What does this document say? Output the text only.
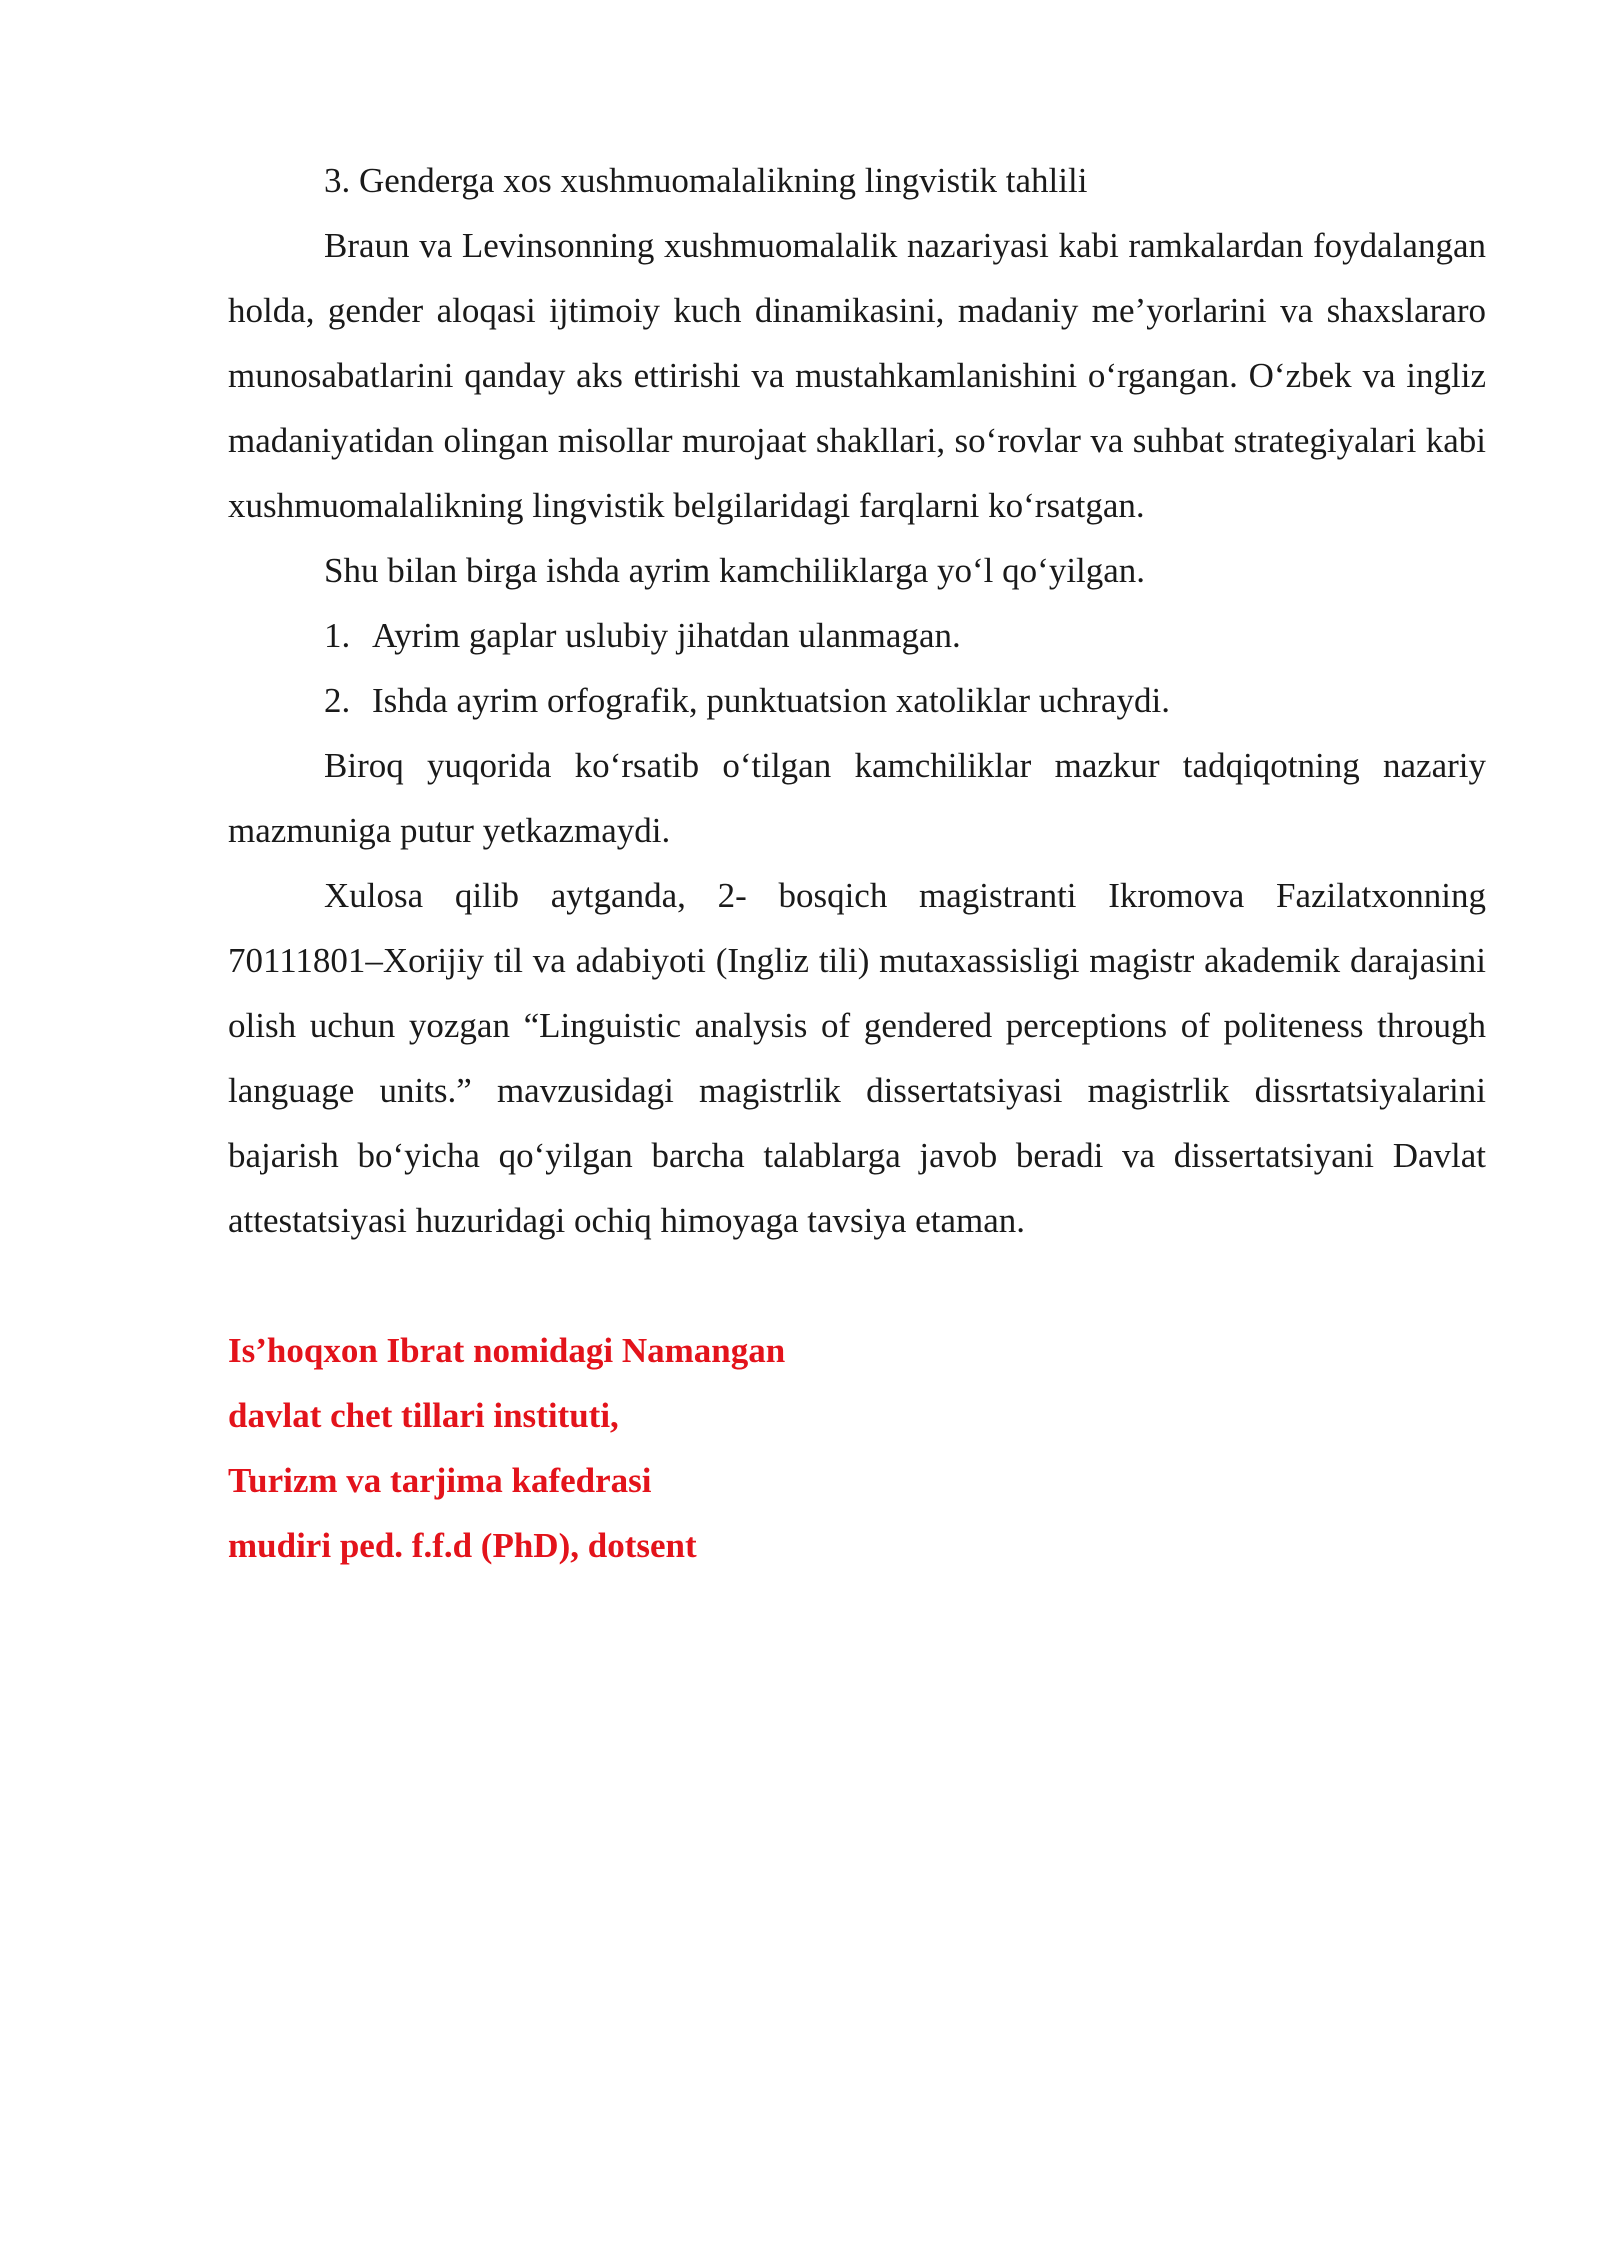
3. Genderga xos xushmuomalalikning lingvistik tahlili

Braun va Levinsonning xushmuomalalik nazariyasi kabi ramkalardan foydalangan holda, gender aloqasi ijtimoiy kuch dinamikasini, madaniy me’yorlarini va shaxslararo munosabatlarini qanday aks ettirishi va mustahkamlanishini o‘rgangan. O‘zbek va ingliz madaniyatidan olingan misollar murojaat shakllari, so‘rovlar va suhbat strategiyalari kabi xushmuomalalikning lingvistik belgilaridagi farqlarni ko‘rsatgan.

Shu bilan birga ishda ayrim kamchiliklarga yo‘l qo‘yilgan.

1. Ayrim gaplar uslubiy jihatdan ulanmagan.
2. Ishda ayrim orfografik, punktuatsion xatoliklar uchraydi.

Biroq yuqorida ko‘rsatib o‘tilgan kamchiliklar mazkur tadqiqotning nazariy mazmuniga putur yetkazmaydi.

Xulosa qilib aytganda, 2- bosqich magistranti Ikromova Fazilatxonning 70111801–Xorijiy til va adabiyoti (Ingliz tili) mutaxassisligi magistr akademik darajasini olish uchun yozgan “Linguistic analysis of gendered perceptions of politeness through language units.” mavzusidagi magistrlik dissertatsiyasi magistrlik dissrtatsiyalarini bajarish bo‘yicha qo‘yilgan barcha talablarga javob beradi va dissertatsiyani Davlat attestatsiyasi huzuridagi ochiq himoyaga tavsiya etaman.

Is’hoqxon Ibrat nomidagi Namangan

davlat chet tillari instituti,

Turizm va tarjima kafedrasi

mudiri ped. f.f.d (PhD), dotsent
